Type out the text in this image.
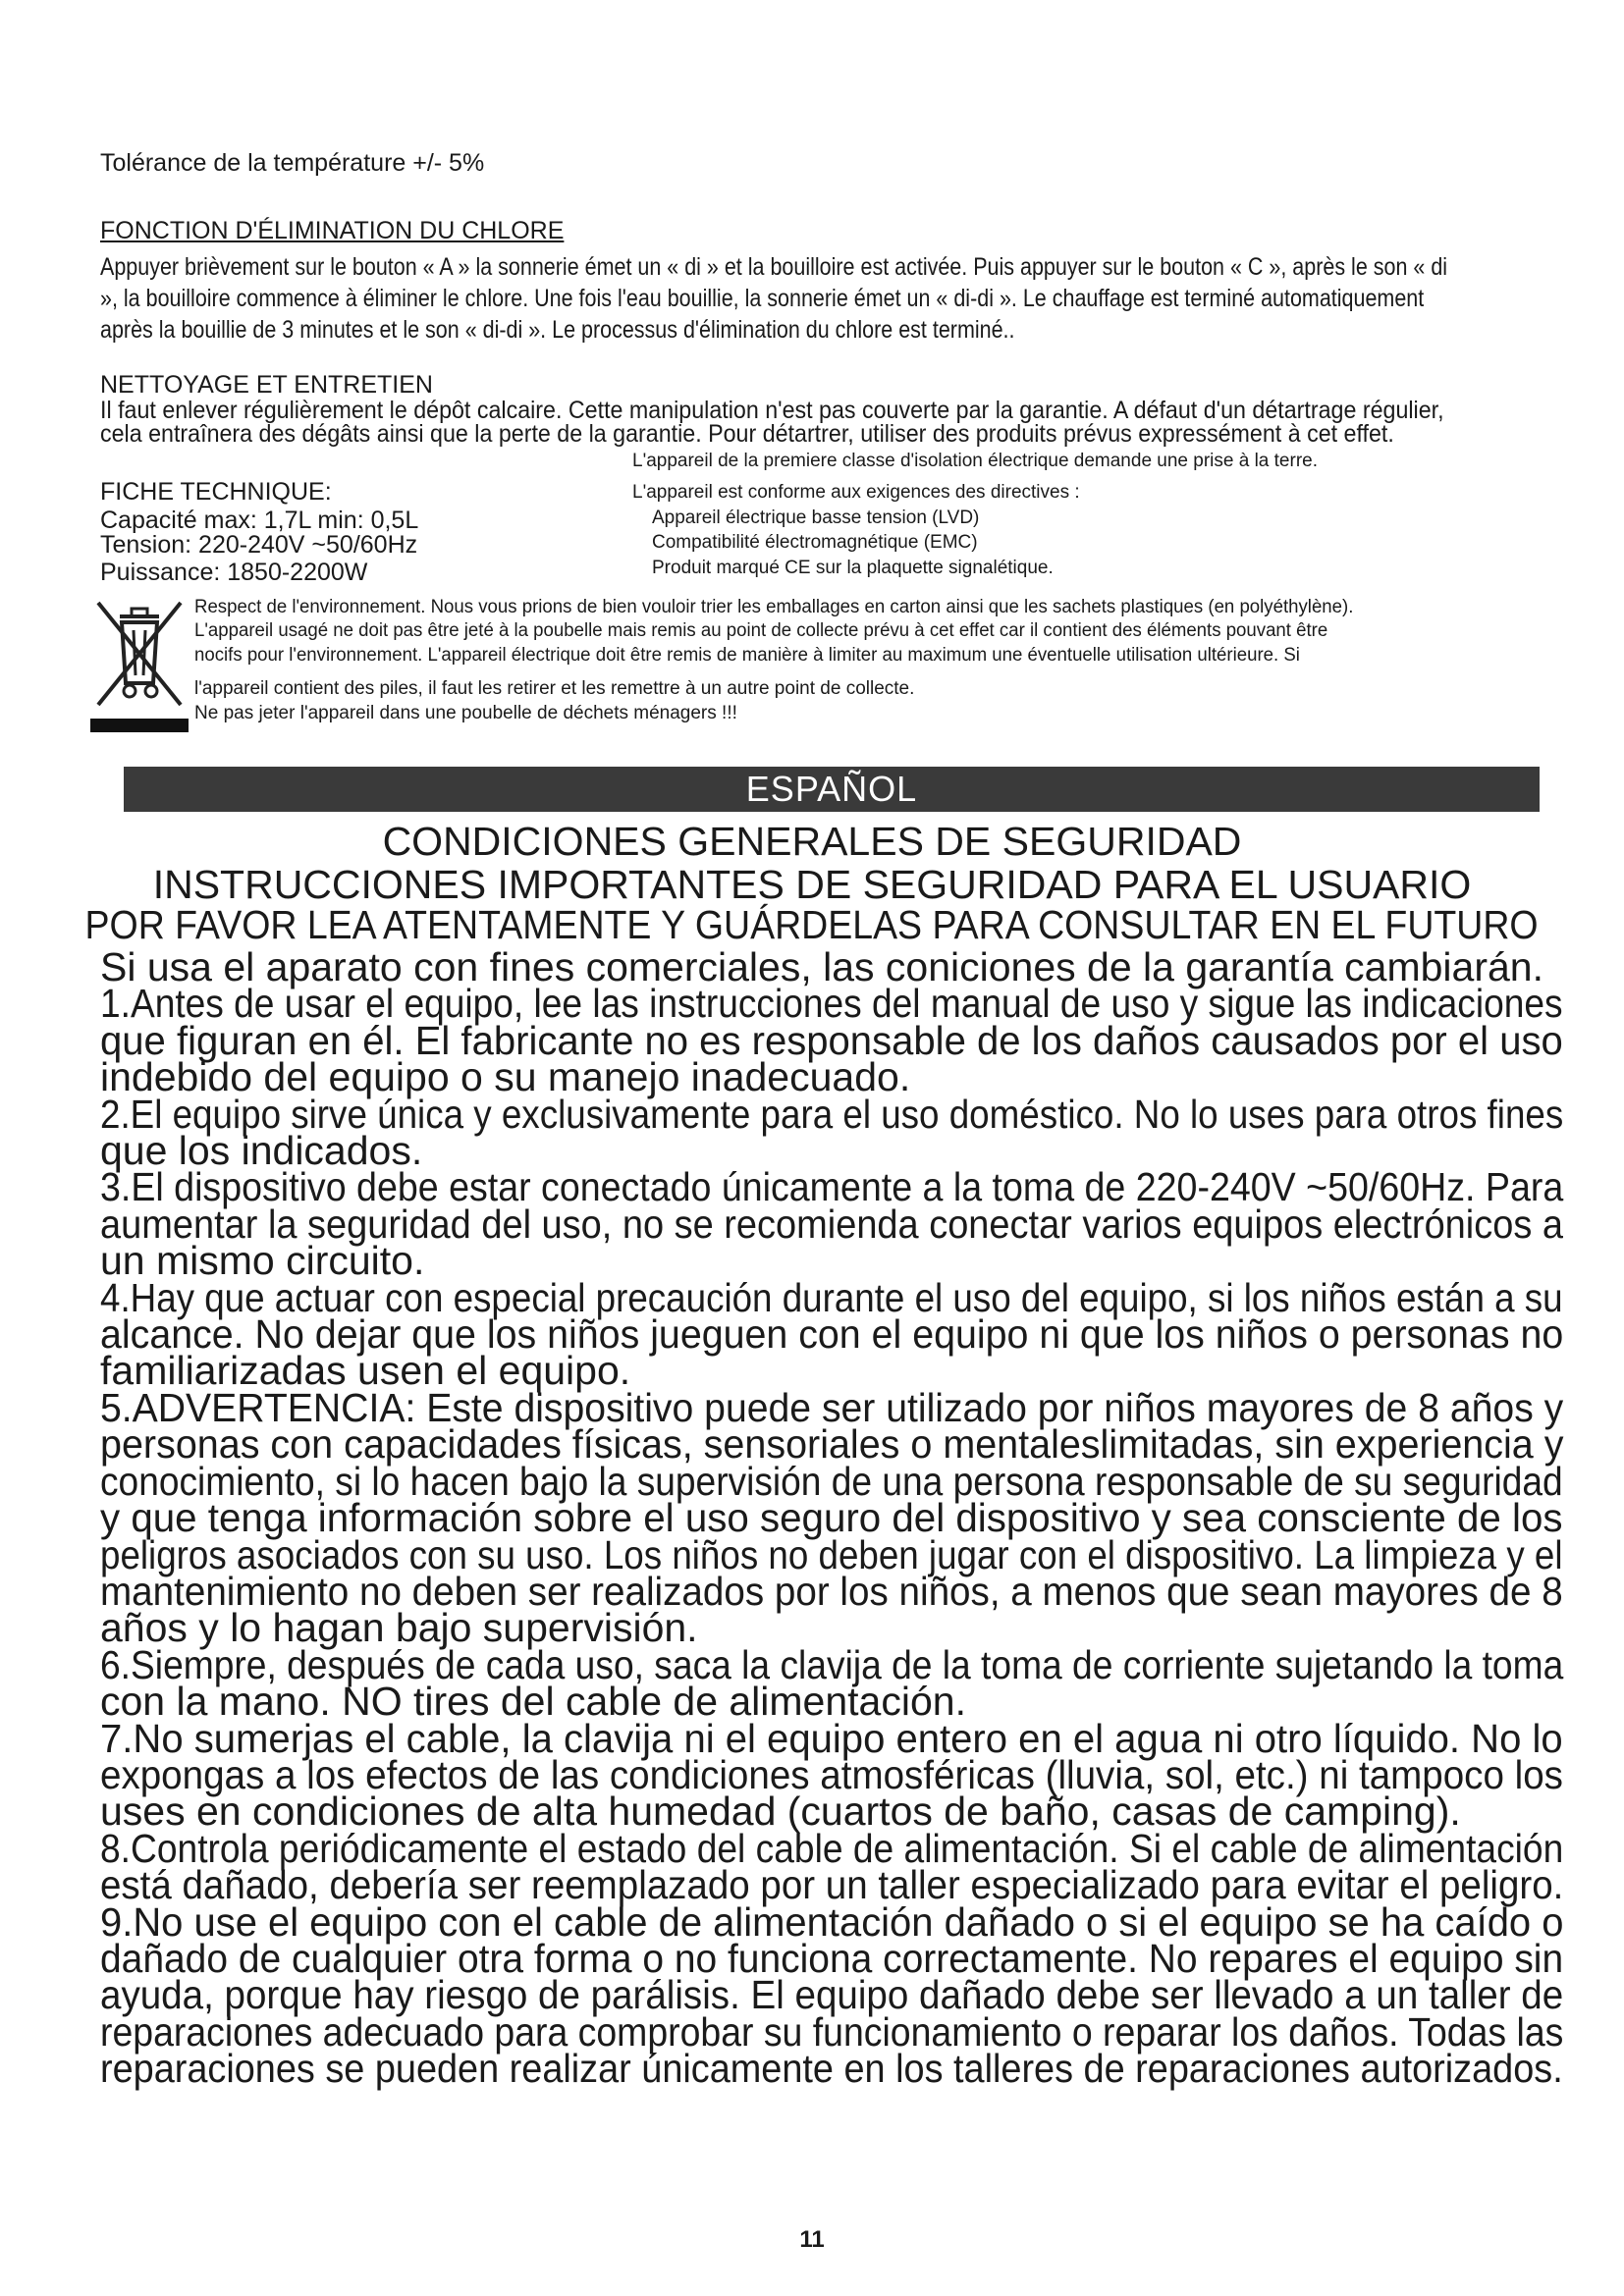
Tolérance de la température +/- 5%
FONCTION D'ÉLIMINATION DU CHLORE
Appuyer brièvement sur le bouton « A » la sonnerie émet un « di » et la bouilloire est activée. Puis appuyer sur le bouton « C », après le son « di
», la bouilloire commence à éliminer le chlore. Une fois l'eau bouillie, la sonnerie émet un « di-di ». Le chauffage est terminé automatiquement
après la bouillie de 3 minutes et le son « di-di ». Le processus d'élimination du chlore est terminé..
NETTOYAGE ET ENTRETIEN
Il faut enlever régulièrement le dépôt calcaire. Cette manipulation n'est pas couverte par la garantie. A défaut d'un détartrage régulier,
cela entraînera des dégâts ainsi que la perte de la garantie. Pour détartrer, utiliser des produits prévus expressément à cet effet.
L'appareil de la premiere classe d'isolation électrique demande une prise à la terre.
FICHE TECHNIQUE:
Capacité max: 1,7L min: 0,5L
Tension: 220-240V ~50/60Hz
Puissance: 1850-2200W
L'appareil est conforme aux exigences des directives :
Appareil électrique basse tension (LVD)
Compatibilité électromagnétique (EMC)
Produit marqué CE sur la plaquette signalétique.
Respect de l'environnement. Nous vous prions de bien vouloir trier les emballages en carton ainsi que les sachets plastiques (en polyéthylène).
L'appareil usagé ne doit pas être jeté à la poubelle mais remis au point de collecte prévu à cet effet car il contient des éléments pouvant être
nocifs pour l'environnement. L'appareil électrique doit être remis de manière à limiter au maximum une éventuelle utilisation ultérieure. Si
l'appareil contient des piles, il faut les retirer et les remettre à un autre point de collecte.
Ne pas jeter l'appareil dans une poubelle de déchets ménagers !!!
ESPAÑOL
CONDICIONES GENERALES DE SEGURIDAD
INSTRUCCIONES IMPORTANTES DE SEGURIDAD PARA EL USUARIO
POR FAVOR LEA ATENTAMENTE Y GUÁRDELAS PARA CONSULTAR EN EL FUTURO
Si usa el aparato con fines comerciales, las coniciones de la garantía cambiarán.
1.Antes de usar el equipo, lee las instrucciones del manual de uso y sigue las indicaciones
que figuran en él. El fabricante no es responsable de los daños causados por el uso
indebido del equipo o su manejo inadecuado.
2.El equipo sirve única y exclusivamente para el uso doméstico. No lo uses para otros fines
que los indicados.
3.El dispositivo debe estar conectado únicamente a la toma de 220-240V ~50/60Hz. Para
aumentar la seguridad del uso, no se recomienda conectar varios equipos electrónicos a
un mismo circuito.
4.Hay que actuar con especial precaución durante el uso del equipo, si los niños están a su
alcance. No dejar que los niños jueguen con el equipo ni que los niños o personas no
familiarizadas usen el equipo.
5.ADVERTENCIA: Este dispositivo puede ser utilizado por niños mayores de 8 años y
personas con capacidades físicas, sensoriales o mentaleslimitadas, sin experiencia y
conocimiento, si lo hacen bajo la supervisión de una persona responsable de su seguridad
y que tenga información sobre el uso seguro del dispositivo y sea consciente de los
peligros asociados con su uso. Los niños no deben jugar con el dispositivo. La limpieza y el
mantenimiento no deben ser realizados por los niños, a menos que sean mayores de 8
años y lo hagan bajo supervisión.
6.Siempre, después de cada uso, saca la clavija de la toma de corriente sujetando la toma
con la mano. NO tires del cable de alimentación.
7.No sumerjas el cable, la clavija ni el equipo entero en el agua ni otro líquido. No lo
expongas a los efectos de las condiciones atmosféricas (lluvia, sol, etc.) ni tampoco los
uses en condiciones de alta humedad (cuartos de baño, casas de camping).
8.Controla periódicamente el estado del cable de alimentación. Si el cable de alimentación
está dañado, debería ser reemplazado por un taller especializado para evitar el peligro.
9.No use el equipo con el cable de alimentación dañado o si el equipo se ha caído o
dañado de cualquier otra forma o no funciona correctamente. No repares el equipo sin
ayuda, porque hay riesgo de parálisis. El equipo dañado debe ser llevado a un taller de
reparaciones adecuado para comprobar su funcionamiento o reparar los daños. Todas las
reparaciones se pueden realizar únicamente en los talleres de reparaciones autorizados.
11
